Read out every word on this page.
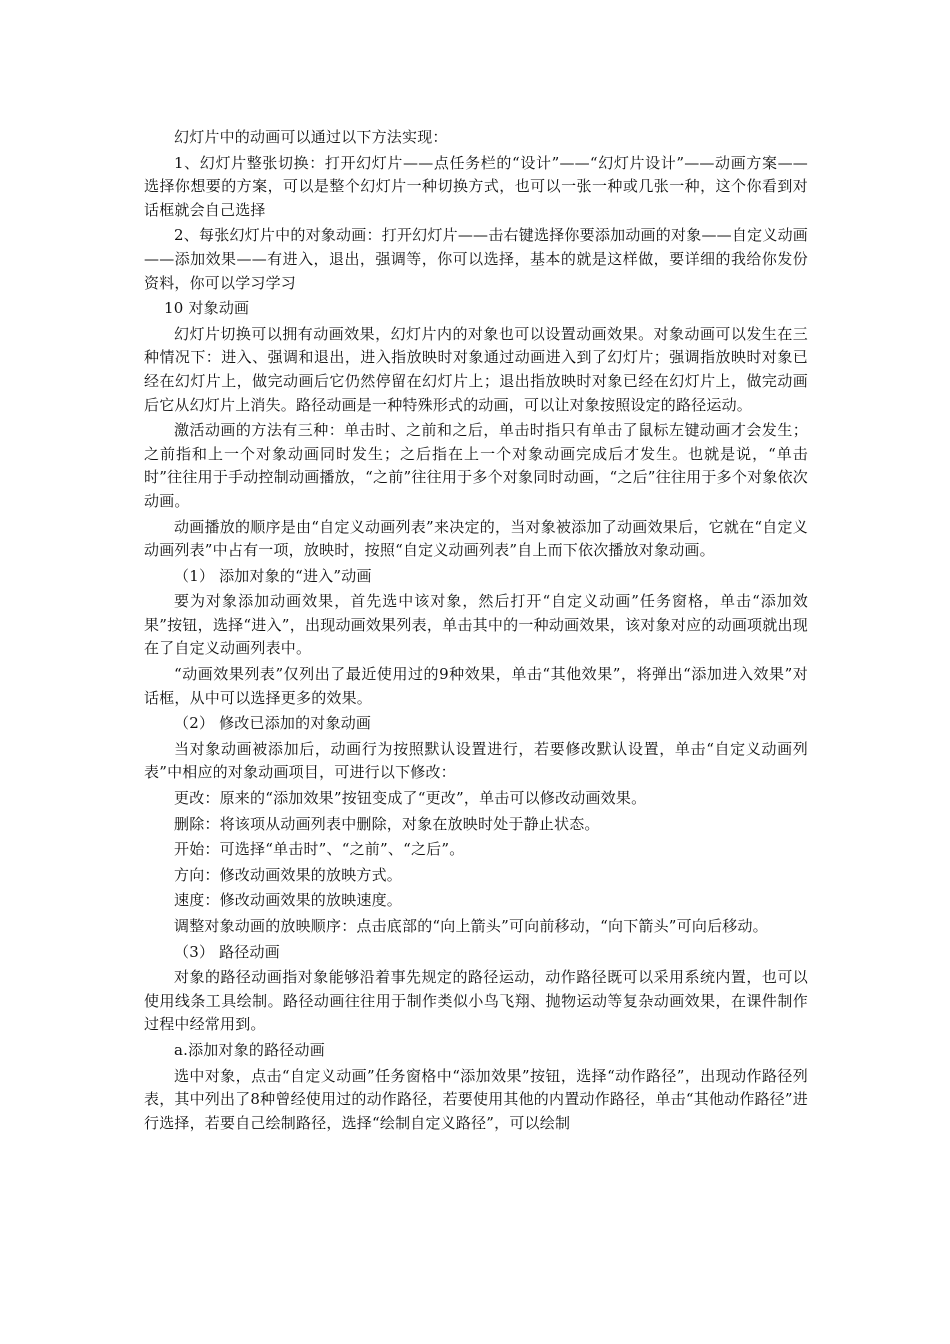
幻灯片中的动画可以通过以下方法实现：

1、幻灯片整张切换：打开幻灯片——点任务栏的“设计”——“幻灯片设计”——动画方案——选择你想要的方案，可以是整个幻灯片一种切换方式，也可以一张一种或几张一种，这个你看到对话框就会自己选择

2、每张幻灯片中的对象动画：打开幻灯片——击右键选择你要添加动画的对象——自定义动画——添加效果——有进入，退出，强调等，你可以选择，基本的就是这样做，要详细的我给你发份资料，你可以学习学习

10 对象动画

幻灯片切换可以拥有动画效果，幻灯片内的对象也可以设置动画效果。对象动画可以发生在三种情况下：进入、强调和退出，进入指放映时对象通过动画进入到了幻灯片；强调指放映时对象已经在幻灯片上，做完动画后它仍然停留在幻灯片上；退出指放映时对象已经在幻灯片上，做完动画后它从幻灯片上消失。路径动画是一种特殊形式的动画，可以让对象按照设定的路径运动。

激活动画的方法有三种：单击时、之前和之后，单击时指只有单击了鼠标左键动画才会发生；之前指和上一个对象动画同时发生；之后指在上一个对象动画完成后才发生。也就是说，“单击时”往往用于手动控制动画播放，“之前”往往用于多个对象同时动画，“之后”往往用于多个对象依次动画。

动画播放的顺序是由“自定义动画列表”来决定的，当对象被添加了动画效果后，它就在“自定义动画列表”中占有一项，放映时，按照“自定义动画列表”自上而下依次播放对象动画。

（1） 添加对象的“进入”动画

要为对象添加动画效果，首先选中该对象，然后打开“自定义动画”任务窗格，单击“添加效果”按钮，选择“进入”，出现动画效果列表，单击其中的一种动画效果，该对象对应的动画项就出现在了自定义动画列表中。

“动画效果列表”仅列出了最近使用过的9种效果，单击“其他效果”，将弹出“添加进入效果”对话框，从中可以选择更多的效果。

（2） 修改已添加的对象动画

当对象动画被添加后，动画行为按照默认设置进行，若要修改默认设置，单击“自定义动画列表”中相应的对象动画项目，可进行以下修改：

更改：原来的“添加效果”按钮变成了“更改”，单击可以修改动画效果。

删除：将该项从动画列表中删除，对象在放映时处于静止状态。

开始：可选择“单击时”、“之前”、“之后”。

方向：修改动画效果的放映方式。

速度：修改动画效果的放映速度。

调整对象动画的放映顺序：点击底部的“向上箭头”可向前移动，“向下箭头”可向后移动。

（3） 路径动画

对象的路径动画指对象能够沿着事先规定的路径运动，动作路径既可以采用系统内置，也可以使用线条工具绘制。路径动画往往用于制作类似小鸟飞翔、抛物运动等复杂动画效果，在课件制作过程中经常用到。

a.添加对象的路径动画

选中对象，点击“自定义动画”任务窗格中“添加效果”按钮，选择“动作路径”，出现动作路径列表，其中列出了8种曾经使用过的动作路径，若要使用其他的内置动作路径，单击“其他动作路径”进行选择，若要自己绘制路径，选择“绘制自定义路径”，可以绘制
